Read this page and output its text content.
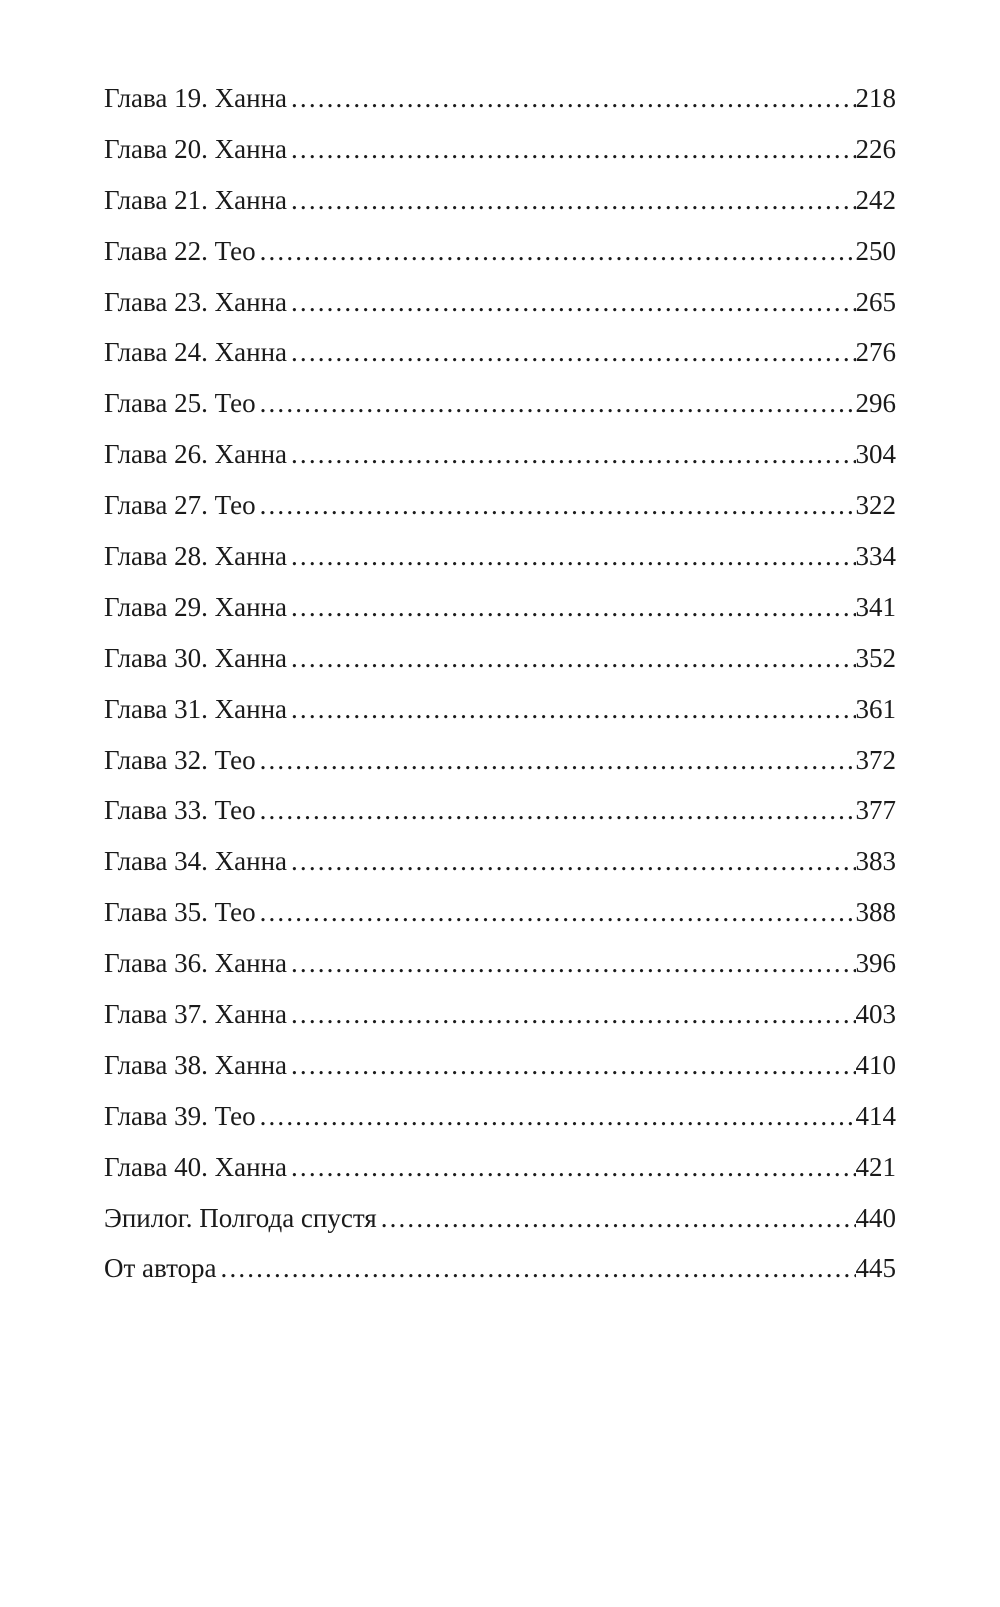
Глава 19. Ханна . . .	218
Глава 20. Ханна . . .	226
Глава 21. Ханна . . .	242
Глава 22. Тео . . .	250
Глава 23. Ханна . . .	265
Глава 24. Ханна . . .	276
Глава 25. Тео . . .	296
Глава 26. Ханна . . .	304
Глава 27. Тео . . .	322
Глава 28. Ханна . . .	334
Глава 29. Ханна . . .	341
Глава 30. Ханна . . .	352
Глава 31. Ханна . . .	361
Глава 32. Тео . . .	372
Глава 33. Тео . . .	377
Глава 34. Ханна . . .	383
Глава 35. Тео . . .	388
Глава 36. Ханна . . .	396
Глава 37. Ханна . . .	403
Глава 38. Ханна . . .	410
Глава 39. Тео . . .	414
Глава 40. Ханна . . .	421
Эпилог. Полгода спустя . . .	440
От автора . . .	445
